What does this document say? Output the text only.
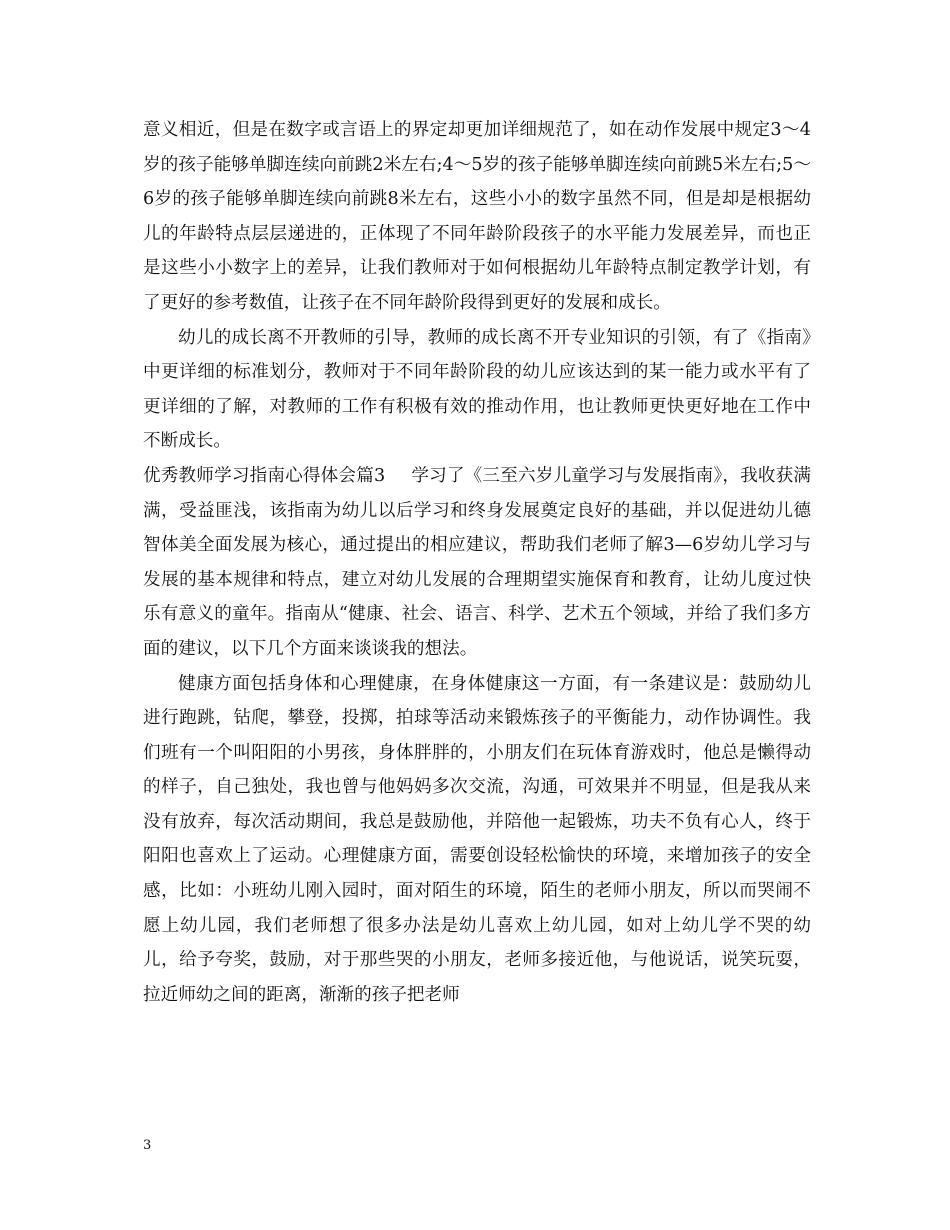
意义相近，但是在数字或言语上的界定却更加详细规范了，如在动作发展中规定3～4岁的孩子能够单脚连续向前跳2米左右;4～5岁的孩子能够单脚连续向前跳5米左右;5～6岁的孩子能够单脚连续向前跳8米左右，这些小小的数字虽然不同，但是却是根据幼儿的年龄特点层层递进的，正体现了不同年龄阶段孩子的水平能力发展差异，而也正是这些小小数字上的差异，让我们教师对于如何根据幼儿年龄特点制定教学计划，有了更好的参考数值，让孩子在不同年龄阶段得到更好的发展和成长。

幼儿的成长离不开教师的引导，教师的成长离不开专业知识的引领，有了《指南》中更详细的标准划分，教师对于不同年龄阶段的幼儿应该达到的某一能力或水平有了更详细的了解，对教师的工作有积极有效的推动作用，也让教师更快更好地在工作中不断成长。

优秀教师学习指南心得体会篇3 学习了《三至六岁儿童学习与发展指南》，我收获满满，受益匪浅，该指南为幼儿以后学习和终身发展奠定良好的基础，并以促进幼儿德智体美全面发展为核心，通过提出的相应建议，帮助我们老师了解3—6岁幼儿学习与发展的基本规律和特点，建立对幼儿发展的合理期望实施保育和教育，让幼儿度过快乐有意义的童年。指南从“健康、社会、语言、科学、艺术五个领域，并给了我们多方面的建议，以下几个方面来谈谈我的想法。

健康方面包括身体和心理健康，在身体健康这一方面，有一条建议是：鼓励幼儿进行跑跳，钻爬，攀登，投掷，拍球等活动来锻炼孩子的平衡能力，动作协调性。我们班有一个叫阳阳的小男孩，身体胖胖的，小朋友们在玩体育游戏时，他总是懒得动的样子，自己独处，我也曾与他妈妈多次交流，沟通，可效果并不明显，但是我从来没有放弃，每次活动期间，我总是鼓励他，并陪他一起锻炼，功夫不负有心人，终于阳阳也喜欢上了运动。心理健康方面，需要创设轻松愉快的环境，来增加孩子的安全感，比如：小班幼儿刚入园时，面对陌生的环境，陌生的老师小朋友，所以而哭闹不愿上幼儿园，我们老师想了很多办法是幼儿喜欢上幼儿园，如对上幼儿学不哭的幼儿，给予夸奖，鼓励，对于那些哭的小朋友，老师多接近他，与他说话，说笑玩耍，拉近师幼之间的距离，渐渐的孩子把老师

3
